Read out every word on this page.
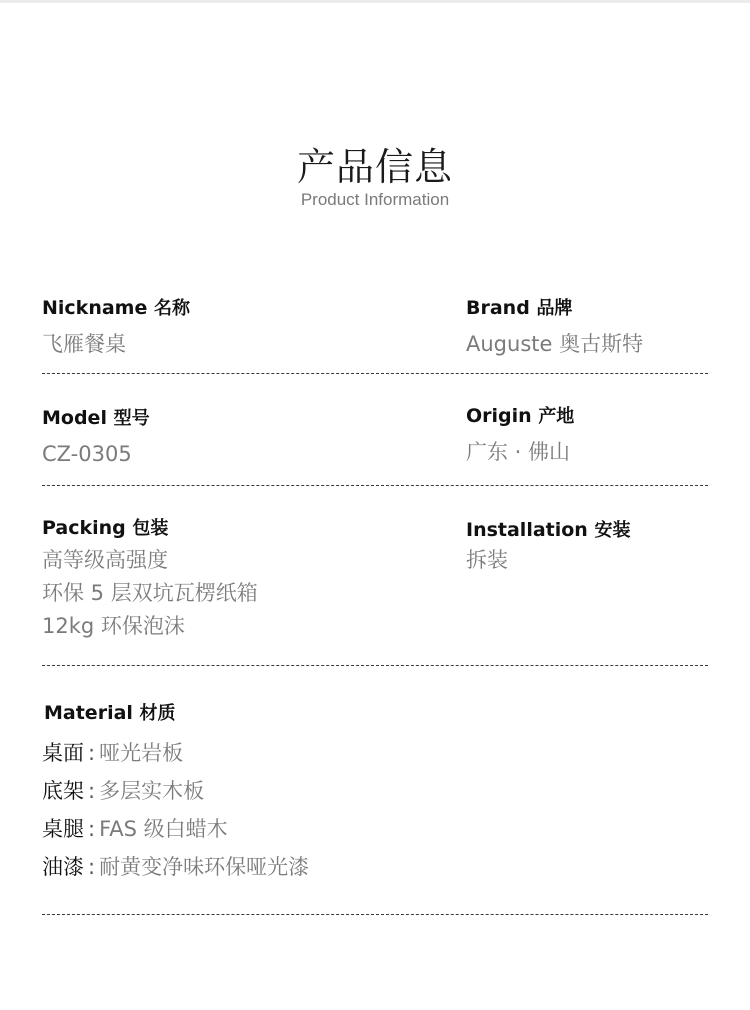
产品信息
Product Information
Nickname 名称
飞雁餐桌
Brand 品牌
Auguste 奥古斯特
Model 型号
CZ-0305
Origin 产地
广东 · 佛山
Packing 包装
高等级高强度
环保 5 层双坑瓦楞纸箱
12kg 环保泡沫
Installation 安装
拆装
Material 材质
桌面 : 哑光岩板
底架 : 多层实木板
桌腿 : FAS 级白蜡木
油漆 : 耐黄变净味环保哑光漆
